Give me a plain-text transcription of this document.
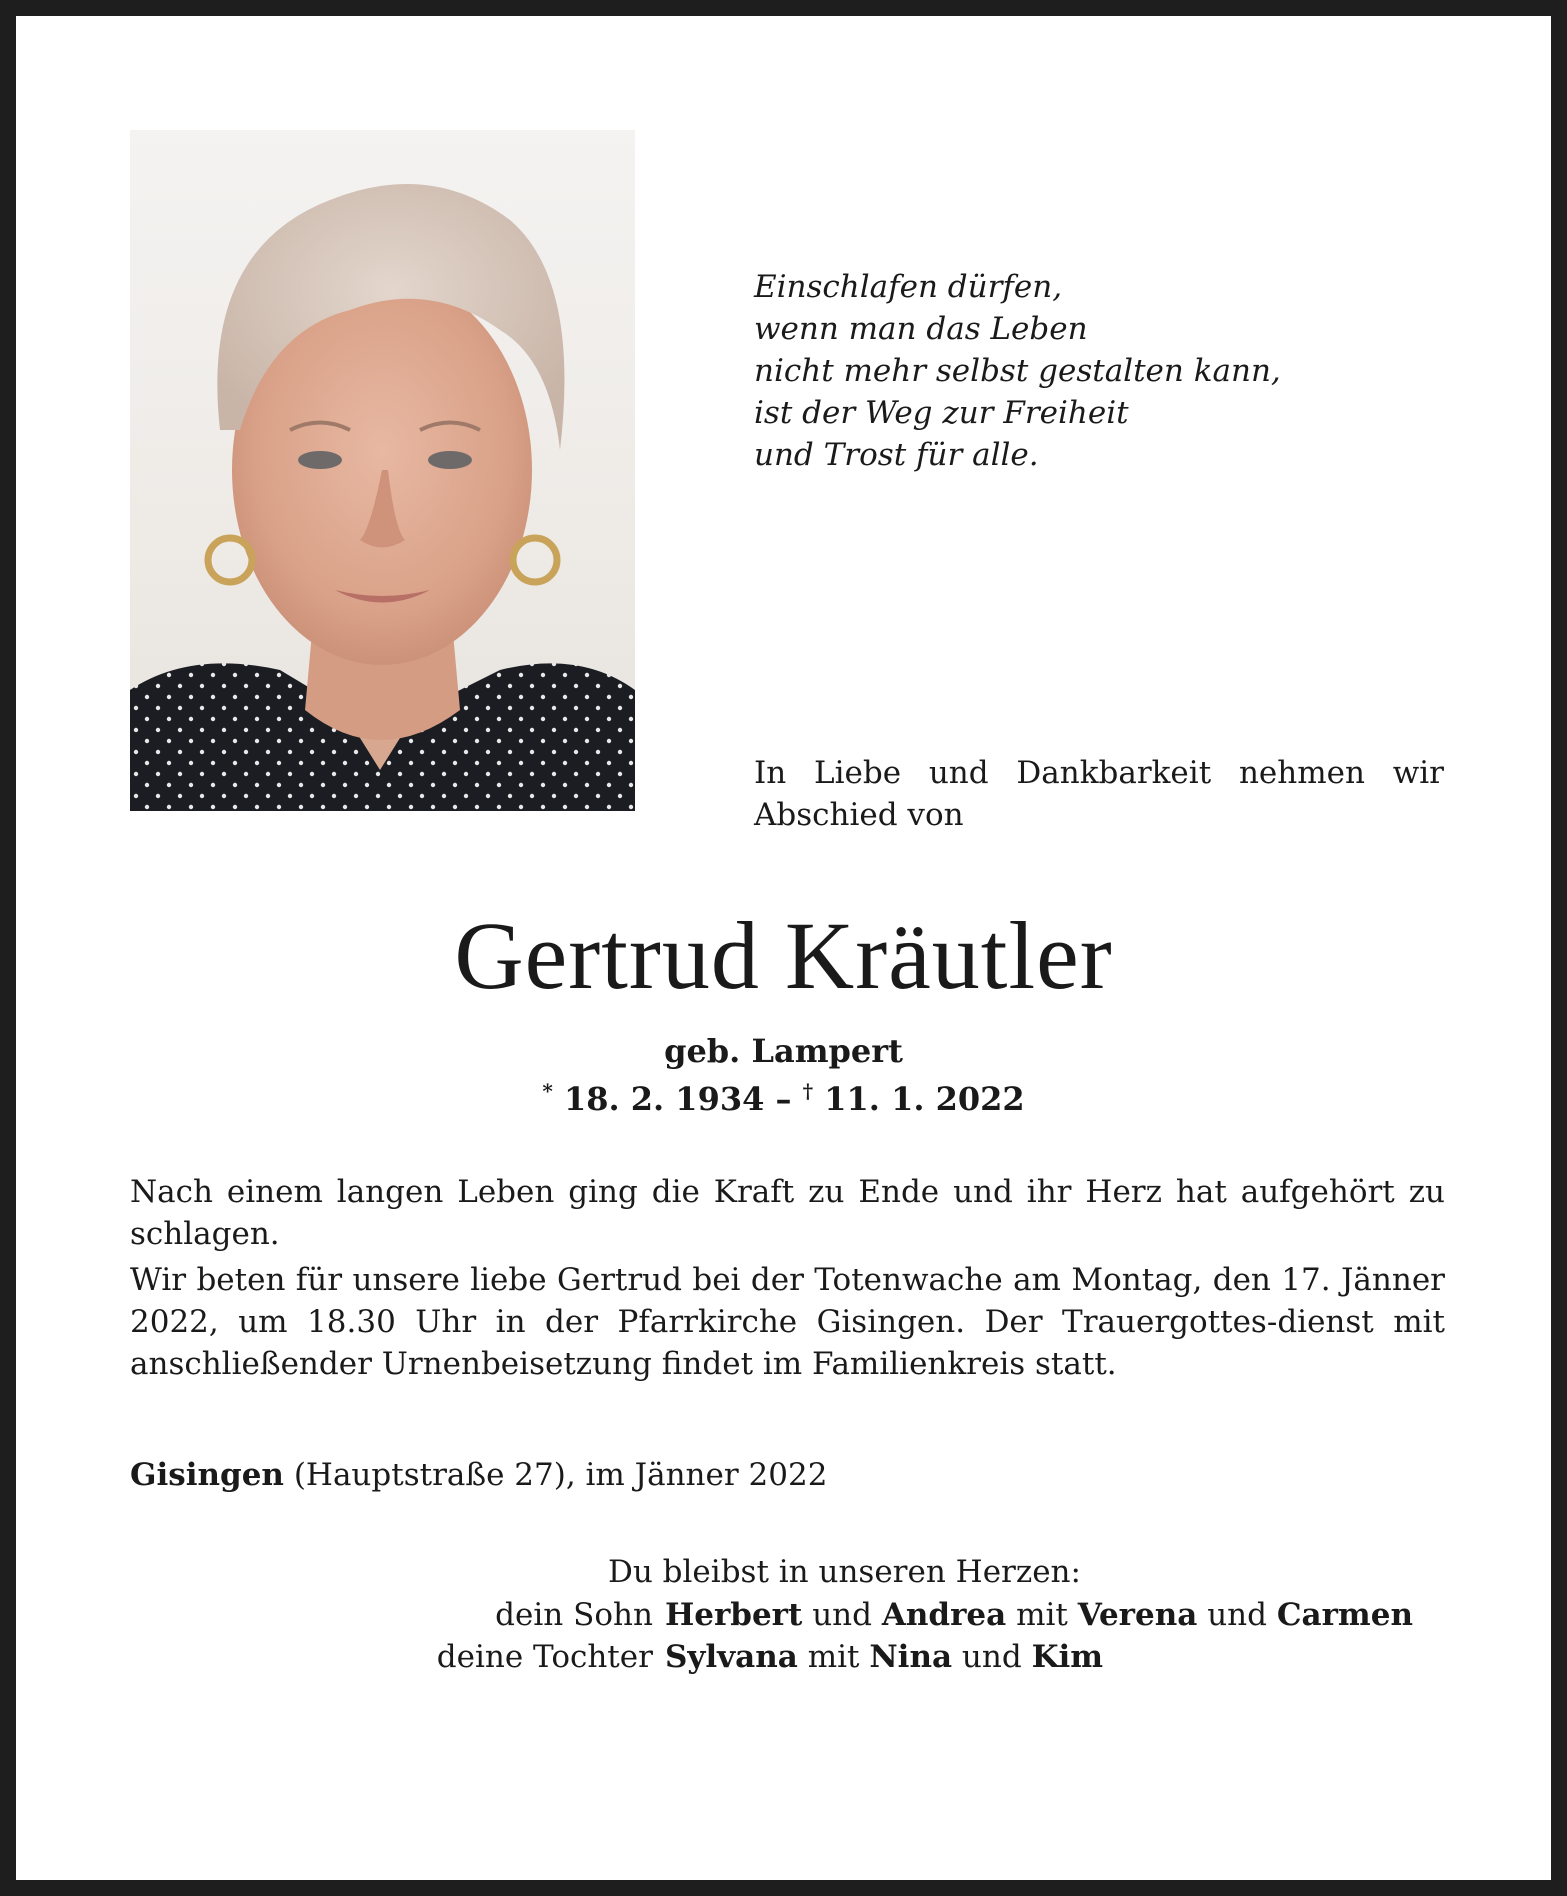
Einschlafen dürfen,
wenn man das Leben
nicht mehr selbst gestalten kann,
ist der Weg zur Freiheit
und Trost für alle.
In Liebe und Dankbarkeit nehmen wir Abschied von
Gertrud Kräutler
geb. Lampert
* 18. 2. 1934 – † 11. 1. 2022

Nach einem langen Leben ging die Kraft zu Ende und ihr Herz hat aufgehört zu schlagen.

Wir beten für unsere liebe Gertrud bei der Totenwache am Montag, den 17. Jänner 2022, um 18.30 Uhr in der Pfarrkirche Gisingen. Der Trauergottes-dienst mit anschließender Urnenbeisetzung findet im Familienkreis statt.

Gisingen (Hauptstraße 27), im Jänner 2022
Du bleibst in unseren Herzen:
dein Sohn Herbert und Andrea mit Verena und Carmen
deine Tochter Sylvana mit Nina und Kim
